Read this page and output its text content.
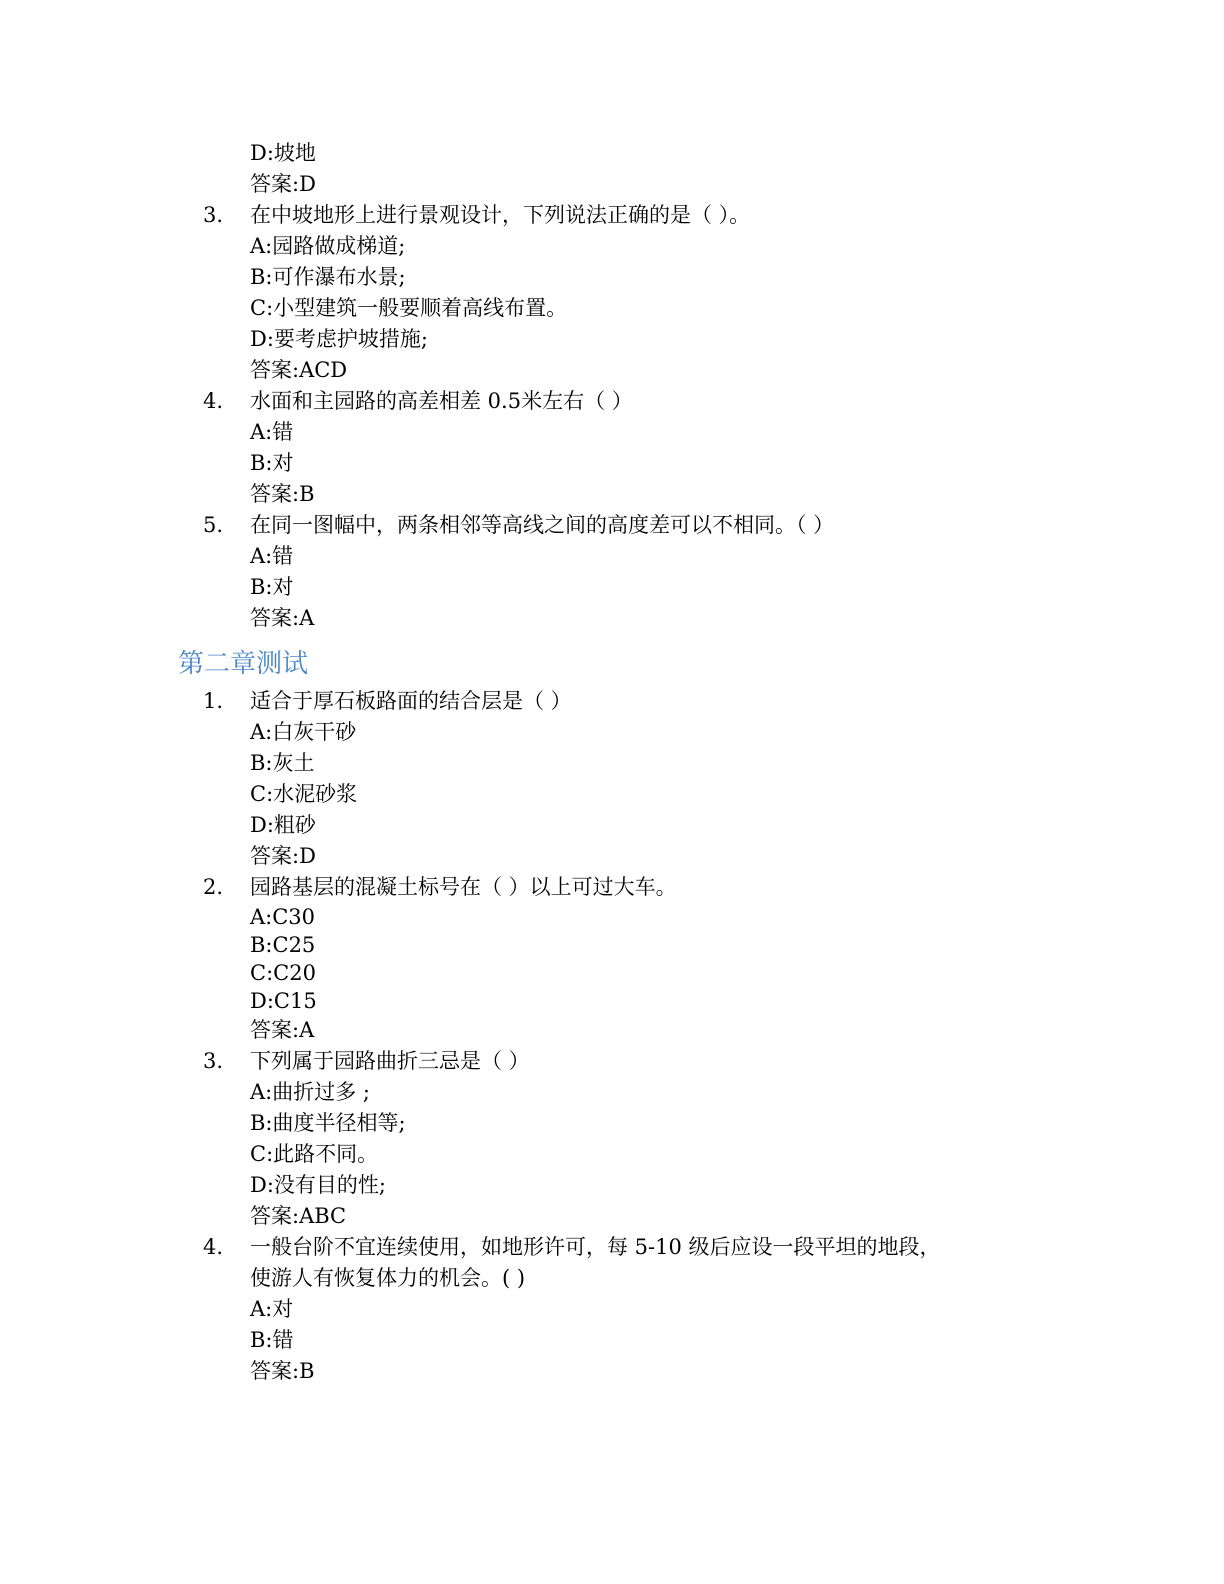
D:坡地
答案:D
3. 在中坡地形上进行景观设计，下列说法正确的是（ ）。
A:园路做成梯道;
B:可作瀑布水景;
C:小型建筑一般要顺着高线布置。
D:要考虑护坡措施;
答案:ACD
4. 水面和主园路的高差相差 0.5米左右（ ）
A:错
B:对
答案:B
5. 在同一图幅中，两条相邻等高线之间的高度差可以不相同。（ ）
A:错
B:对
答案:A
第二章测试
1. 适合于厚石板路面的结合层是（ ）
A:白灰干砂
B:灰土
C:水泥砂浆
D:粗砂
答案:D
2. 园路基层的混凝土标号在（ ）以上可过大车。
A:C30
B:C25
C:C20
D:C15
答案:A
3. 下列属于园路曲折三忌是（ ）
A:曲折过多 ;
B:曲度半径相等;
C:此路不同。
D:没有目的性;
答案:ABC
4. 一般台阶不宜连续使用，如地形许可，每 5-10 级后应设一段平坦的地段，
使游人有恢复体力的机会。( )
A:对
B:错
答案:B
